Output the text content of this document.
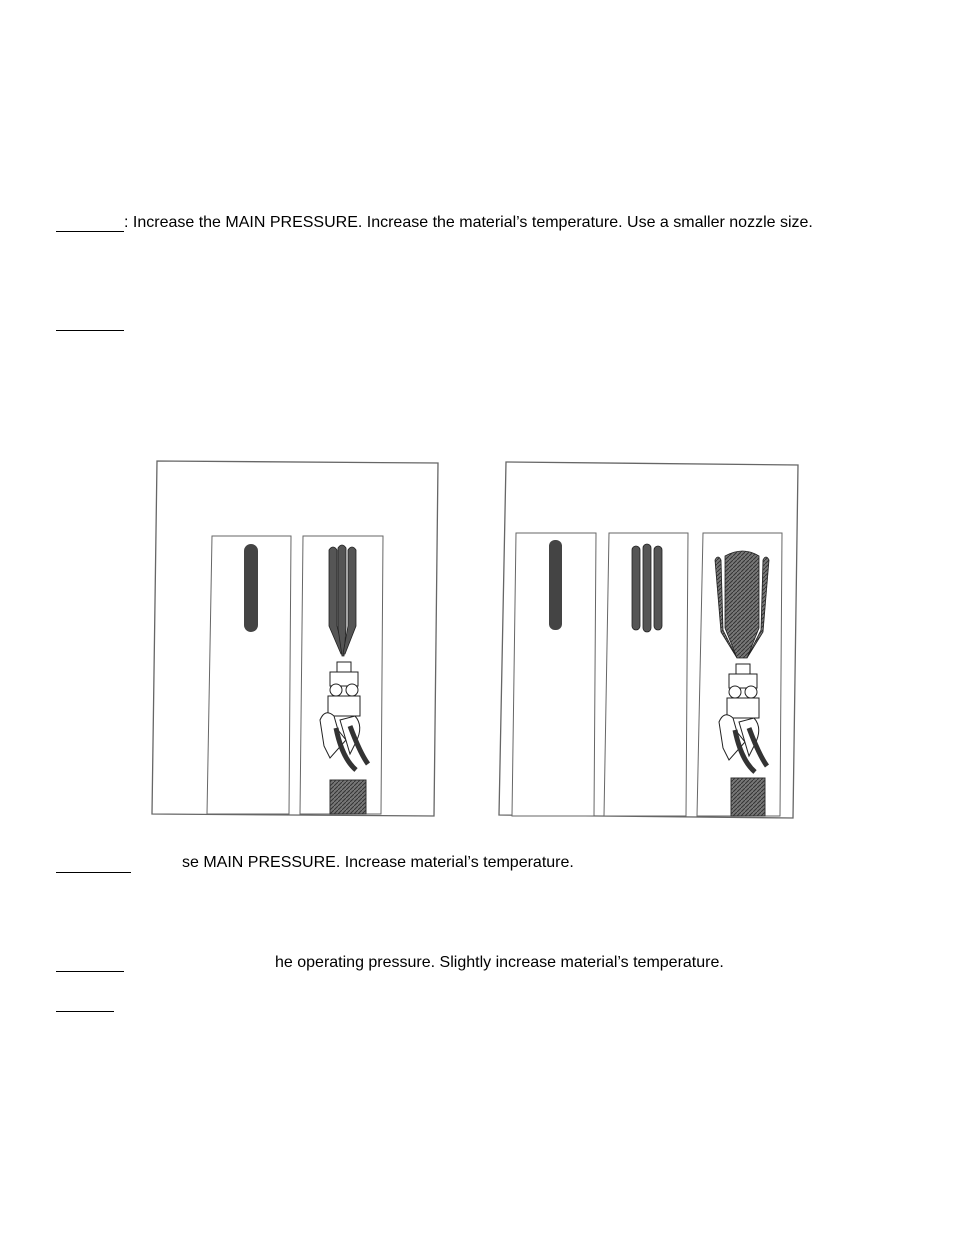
: Increase the MAIN PRESSURE. Increase the material’s temperature. Use a smaller nozzle size.
se MAIN PRESSURE. Increase material’s temperature.
he operating pressure. Slightly increase material’s temperature.
